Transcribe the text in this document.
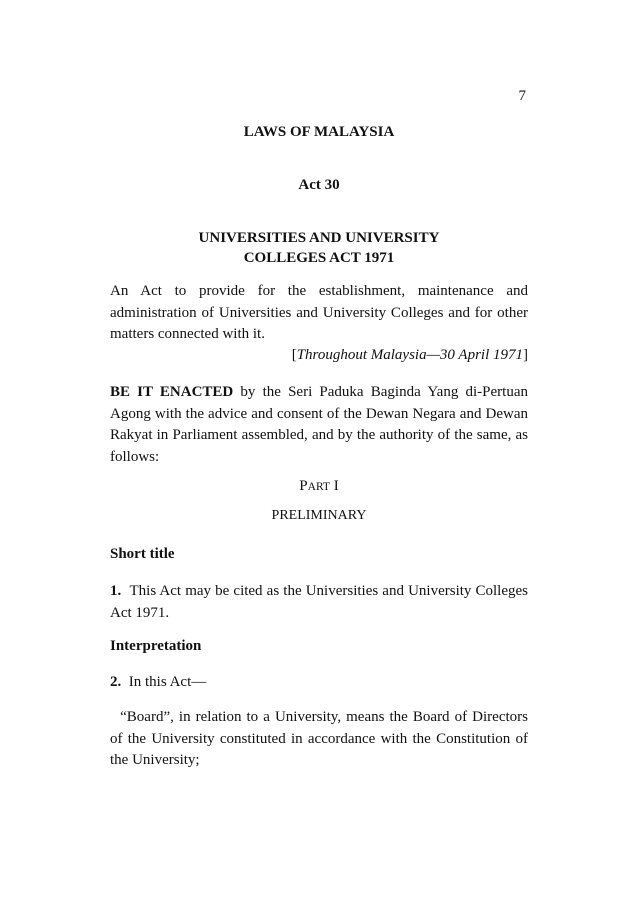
7
LAWS OF MALAYSIA
Act 30
UNIVERSITIES AND UNIVERSITY
COLLEGES ACT 1971
An Act to provide for the establishment, maintenance and administration of Universities and University Colleges and for other matters connected with it.
[Throughout Malaysia—30 April 1971]
BE IT ENACTED by the Seri Paduka Baginda Yang di-Pertuan Agong with the advice and consent of the Dewan Negara and Dewan Rakyat in Parliament assembled, and by the authority of the same, as follows:
PART I
PRELIMINARY
Short title
1. This Act may be cited as the Universities and University Colleges Act 1971.
Interpretation
2. In this Act—
“Board”, in relation to a University, means the Board of Directors of the University constituted in accordance with the Constitution of the University;
